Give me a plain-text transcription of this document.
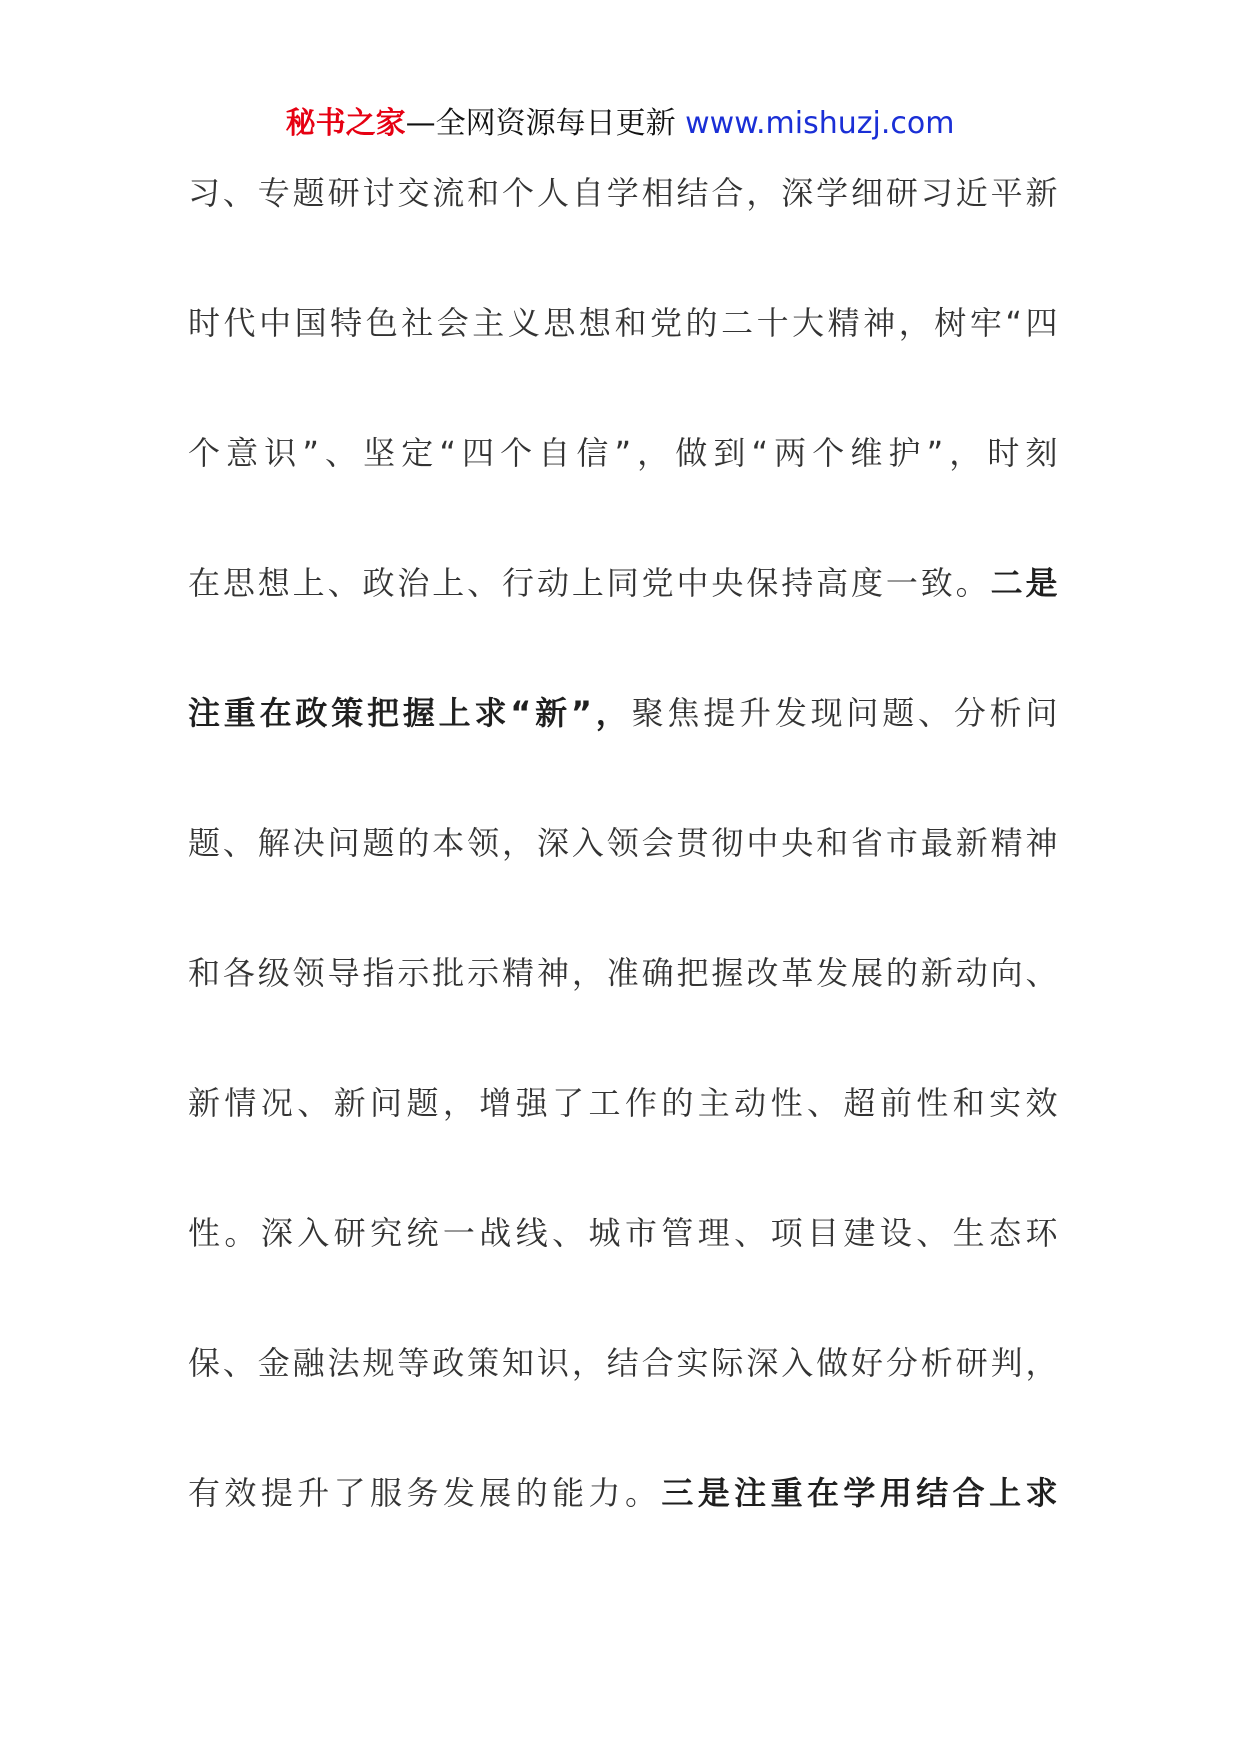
秘书之家—全网资源每日更新 www.mishuzj.com
习、专题研讨交流和个人自学相结合，深学细研习近平新
时代中国特色社会主义思想和党的二十大精神，树牢“四
个意识”、坚定“四个自信”，做到“两个维护”，时刻
在思想上、政治上、行动上同党中央保持高度一致。二是
注重在政策把握上求“新”，聚焦提升发现问题、分析问
题、解决问题的本领，深入领会贯彻中央和省市最新精神
和各级领导指示批示精神，准确把握改革发展的新动向、
新情况、新问题，增强了工作的主动性、超前性和实效
性。深入研究统一战线、城市管理、项目建设、生态环
保、金融法规等政策知识，结合实际深入做好分析研判，
有效提升了服务发展的能力。三是注重在学用结合上求
